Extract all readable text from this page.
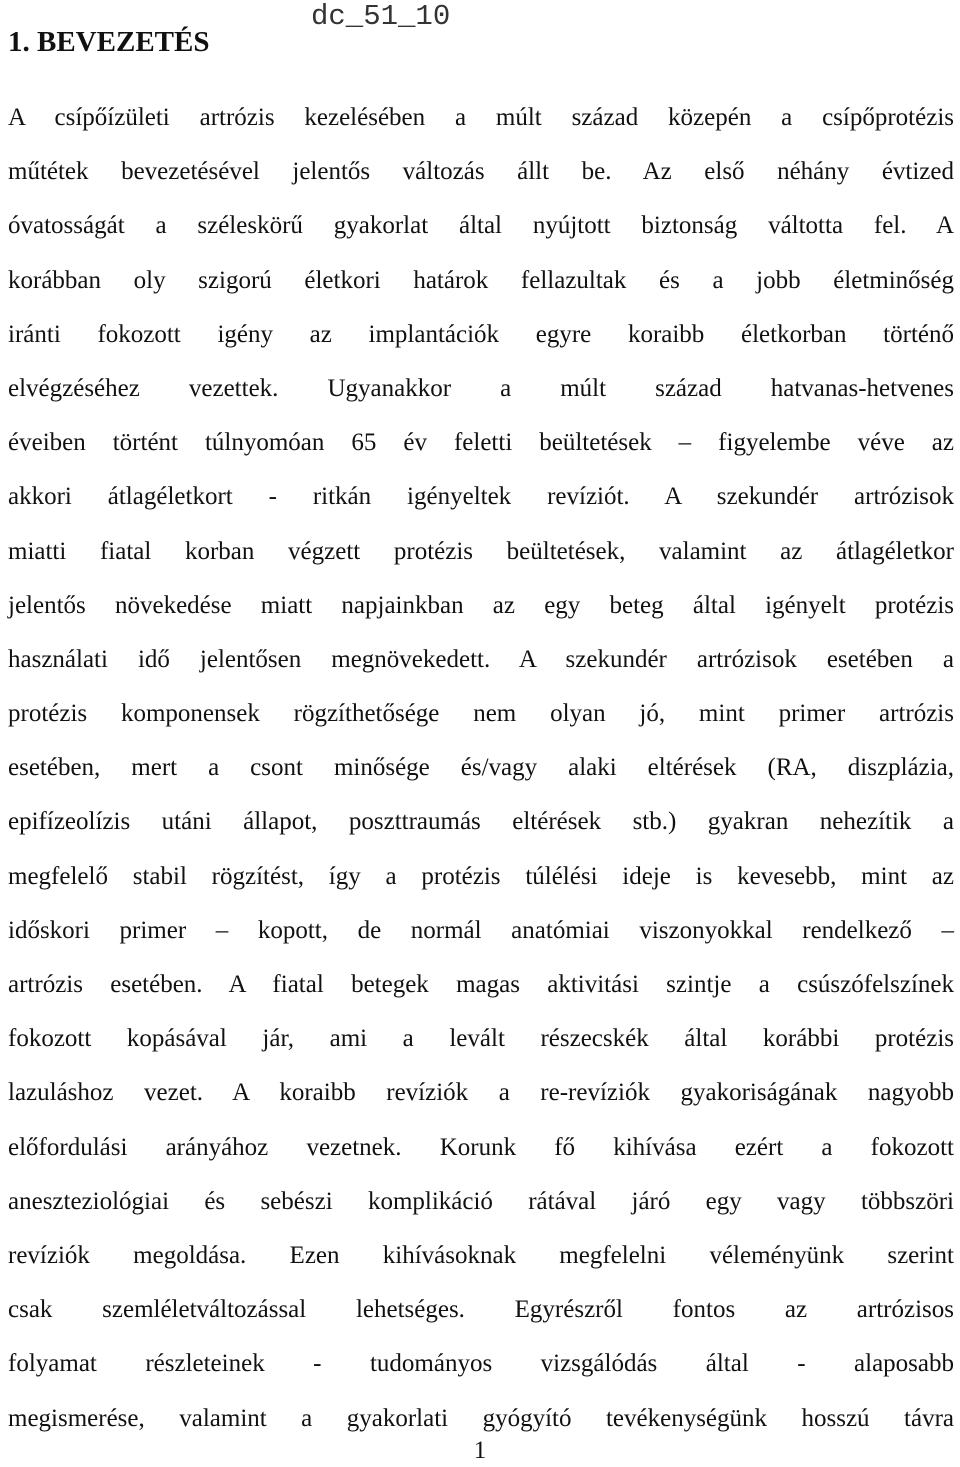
dc_51_10
1. BEVEZETÉS
A csípőízületi artrózis kezelésében a múlt század közepén a csípőprotézis
műtétek bevezetésével jelentős változás állt be. Az első néhány évtized
óvatosságát a széleskörű gyakorlat által nyújtott biztonság váltotta fel. A
korábban oly szigorú életkori határok fellazultak és a jobb életminőség
iránti fokozott igény az implantációk egyre koraibb életkorban történő
elvégzéséhez vezettek. Ugyanakkor a múlt század hatvanas-hetvenes
éveiben történt túlnyomóan 65 év feletti beültetések – figyelembe véve az
akkori átlagéletkort - ritkán igényeltek revíziót. A szekundér artrózisok
miatti fiatal korban végzett protézis beültetések, valamint az átlagéletkor
jelentős növekedése miatt napjainkban az egy beteg által igényelt protézis
használati idő jelentősen megnövekedett. A szekundér artrózisok esetében a
protézis komponensek rögzíthetősége nem olyan jó, mint primer artrózis
esetében, mert a csont minősége és/vagy alaki eltérések (RA, diszplázia,
epifízeolízis utáni állapot, poszttraumás eltérések stb.) gyakran nehezítik a
megfelelő stabil rögzítést, így a protézis túlélési ideje is kevesebb, mint az
időskori primer – kopott, de normál anatómiai viszonyokkal rendelkező –
artrózis esetében. A fiatal betegek magas aktivitási szintje a csúszófelszínek
fokozott kopásával jár, ami a levált részecskék által korábbi protézis
lazuláshoz vezet. A koraibb revíziók a re-revíziók gyakoriságának nagyobb
előfordulási arányához vezetnek. Korunk fő kihívása ezért a fokozott
aneszteziológiai és sebészi komplikáció rátával járó egy vagy többszöri
revíziók megoldása. Ezen kihívásoknak megfelelni véleményünk szerint
csak szemléletváltozással lehetséges. Egyrészről fontos az artrózisos
folyamat részleteinek - tudományos vizsgálódás által - alaposabb
megismerése, valamint a gyakorlati gyógyító tevékenységünk hosszú távra
1
